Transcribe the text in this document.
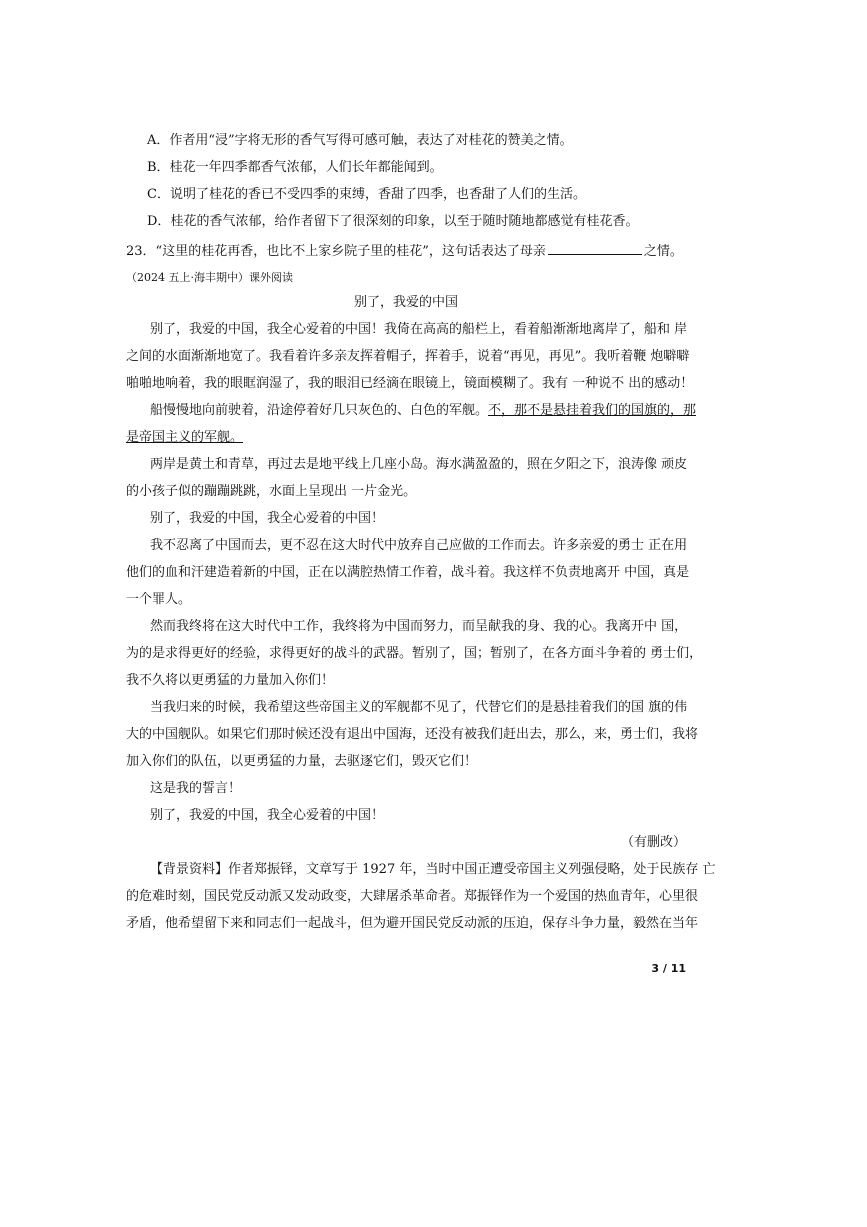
A．作者用“浸”字将无形的香气写得可感可触，表达了对桂花的赞美之情。
B．桂花一年四季都香气浓郁，人们长年都能闻到。
C．说明了桂花的香已不受四季的束缚，香甜了四季，也香甜了人们的生活。
D．桂花的香气浓郁，给作者留下了很深刻的印象，以至于随时随地都感觉有桂花香。
23．“这里的桂花再香，也比不上家乡院子里的桂花”，这句话表达了母亲	之情。
（2024 五上·海丰期中）课外阅读
别了，我爱的中国
别了，我爱的中国，我全心爱着的中国！我倚在高高的船栏上，看着船渐渐地离岸了，船和 岸
之间的水面渐渐地宽了。我看着许多亲友挥着帽子，挥着手，说着“再见，再见”。我听着鞭 炮噼噼
啪啪地响着，我的眼眶润湿了，我的眼泪已经滴在眼镜上，镜面模糊了。我有 一种说不 出的感动！
船慢慢地向前驶着，沿途停着好几只灰色的、白色的军舰。不，那不是悬挂着我们的国旗的，那
是帝国主义的军舰。
两岸是黄土和青草，再过去是地平线上几座小岛。海水满盈盈的，照在夕阳之下，浪涛像 顽皮
的小孩子似的蹦蹦跳跳，水面上呈现出 一片金光。
别了，我爱的中国，我全心爱着的中国！
我不忍离了中国而去，更不忍在这大时代中放弃自己应做的工作而去。许多亲爱的勇士 正在用
他们的血和汗建造着新的中国，正在以满腔热情工作着，战斗着。我这样不负责地离开 中国，真是
一个罪人。
然而我终将在这大时代中工作，我终将为中国而努力，而呈献我的身、我的心。我离开中 国，
为的是求得更好的经验，求得更好的战斗的武器。暂别了，国；暂别了，在各方面斗争着的 勇士们，
我不久将以更勇猛的力量加入你们！
当我归来的时候，我希望这些帝国主义的军舰都不见了，代替它们的是悬挂着我们的国 旗的伟
大的中国舰队。如果它们那时候还没有退出中国海，还没有被我们赶出去，那么，来，勇士们，我将
加入你们的队伍，以更勇猛的力量，去驱逐它们，毁灭它们！
这是我的誓言！
别了，我爱的中国，我全心爱着的中国！
（有删改）
【背景资料】作者郑振铎，文章写于 1927 年，当时中国正遭受帝国主义列强侵略，处于民族存 亡
的危难时刻，国民党反动派又发动政变，大肆屠杀革命者。郑振铎作为一个爱国的热血青年，心里很
矛盾，他希望留下来和同志们一起战斗，但为避开国民党反动派的压迫，保存斗争力量，毅然在当年
3 / 11
